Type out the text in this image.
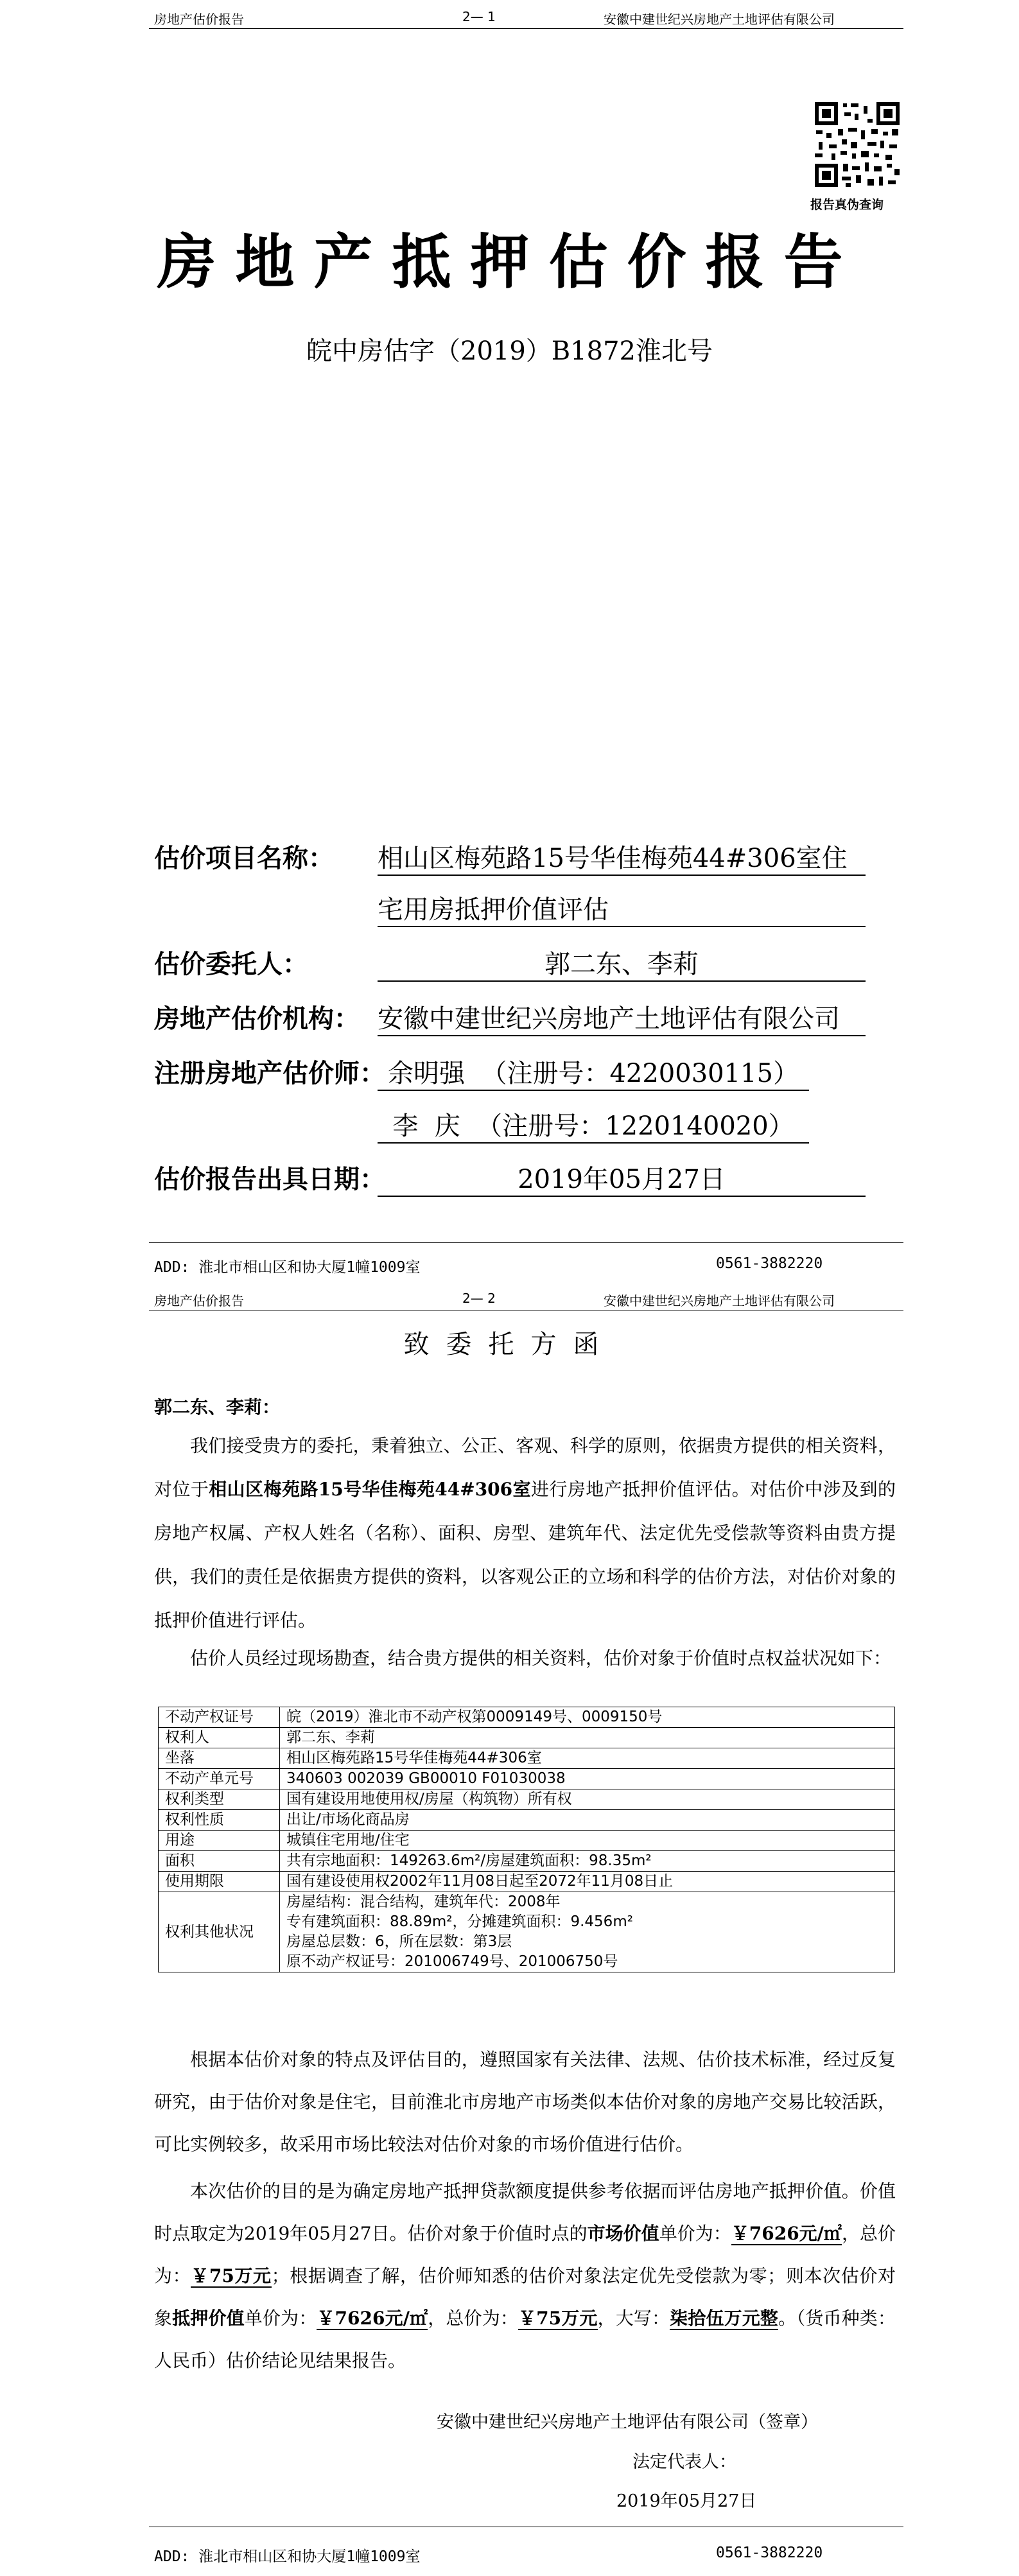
房地产估价报告	2— 1	安徽中建世纪兴房地产土地评估有限公司
报告真伪查询
房地产抵押估价报告
皖中房估字（2019）B1872淮北号
估价项目名称： 相山区梅苑路15号华佳梅苑44#306室住
宅用房抵押价值评估
估价委托人：	郭二东、李莉
房地产估价机构： 安徽中建世纪兴房地产土地评估有限公司
注册房地产估价师： 余明强  （注册号：4220030115）
李  庆  （注册号：1220140020）
估价报告出具日期：	2019年05月27日
ADD: 淮北市相山区和协大厦1幢1009室	0561-3882220
房地产估价报告	2— 2	安徽中建世纪兴房地产土地评估有限公司
致委托方函
郭二东、李莉：
我们接受贵方的委托，秉着独立、公正、客观、科学的原则，依据贵方提供的相关资料，对位于相山区梅苑路15号华佳梅苑44#306室进行房地产抵押价值评估。对估价中涉及到的房地产权属、产权人姓名（名称）、面积、房型、建筑年代、法定优先受偿款等资料由贵方提供，我们的责任是依据贵方提供的资料，以客观公正的立场和科学的估价方法，对估价对象的抵押价值进行评估。
估价人员经过现场勘查，结合贵方提供的相关资料，估价对象于价值时点权益状况如下：
不动产权证号	皖（2019）淮北市不动产权第0009149号、0009150号
权利人	郭二东、李莉
坐落	相山区梅苑路15号华佳梅苑44#306室
不动产单元号	340603 002039 GB00010 F01030038
权利类型	国有建设用地使用权/房屋（构筑物）所有权
权利性质	出让/市场化商品房
用途	城镇住宅用地/住宅
面积	共有宗地面积：149263.6m²/房屋建筑面积：98.35m²
使用期限	国有建设使用权2002年11月08日起至2072年11月08日止
权利其他状况	房屋结构：混合结构，建筑年代：2008年
专有建筑面积：88.89m²，分摊建筑面积：9.456m²
房屋总层数：6，所在层数：第3层
原不动产权证号：201006749号、201006750号
根据本估价对象的特点及评估目的，遵照国家有关法律、法规、估价技术标准，经过反复研究，由于估价对象是住宅，目前淮北市房地产市场类似本估价对象的房地产交易比较活跃，可比实例较多，故采用市场比较法对估价对象的市场价值进行估价。
本次估价的目的是为确定房地产抵押贷款额度提供参考依据而评估房地产抵押价值。价值时点取定为2019年05月27日。估价对象于价值时点的市场价值单价为：￥7626元/㎡，总价为：￥75万元；根据调查了解，估价师知悉的估价对象法定优先受偿款为零；则本次估价对象抵押价值单价为：￥7626元/㎡，总价为：￥75万元，大写：柒拾伍万元整。（货币种类：人民币）估价结论见结果报告。
安徽中建世纪兴房地产土地评估有限公司（签章）
法定代表人：
2019年05月27日
ADD: 淮北市相山区和协大厦1幢1009室	0561-3882220
